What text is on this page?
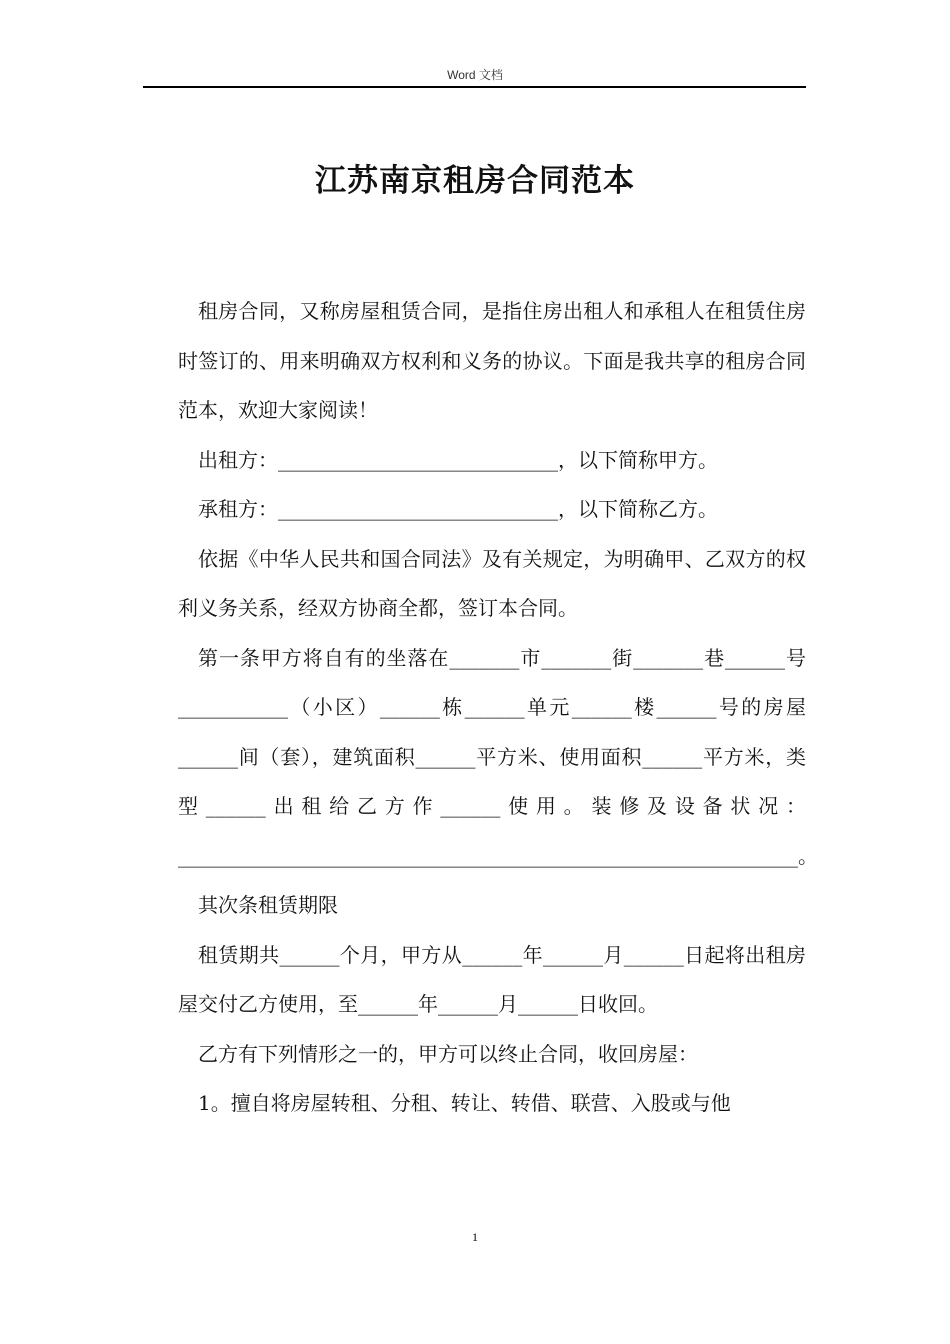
Word 文档
江苏南京租房合同范本

租房合同，又称房屋租赁合同，是指住房出租人和承租人在租赁住房时签订的、用来明确双方权利和义务的协议。下面是我共享的租房合同范本，欢迎大家阅读！

出租方：____________________________，以下简称甲方。

承租方：____________________________，以下简称乙方。

依据《中华人民共和国合同法》及有关规定，为明确甲、乙双方的权利义务关系，经双方协商全都，签订本合同。

第一条甲方将自有的坐落在_______市_______街_______巷______号___________（小区）______栋______单元______楼______号的房屋______间（套），建筑面积______平方米、使用面积______平方米，类型______出租给乙方作______使用。装修及设备状况：______________________________________________________________。

其次条租赁期限

租赁期共______个月，甲方从______年______月______日起将出租房屋交付乙方使用，至______年______月______日收回。

乙方有下列情形之一的，甲方可以终止合同，收回房屋：

1。擅自将房屋转租、分租、转让、转借、联营、入股或与他

1
